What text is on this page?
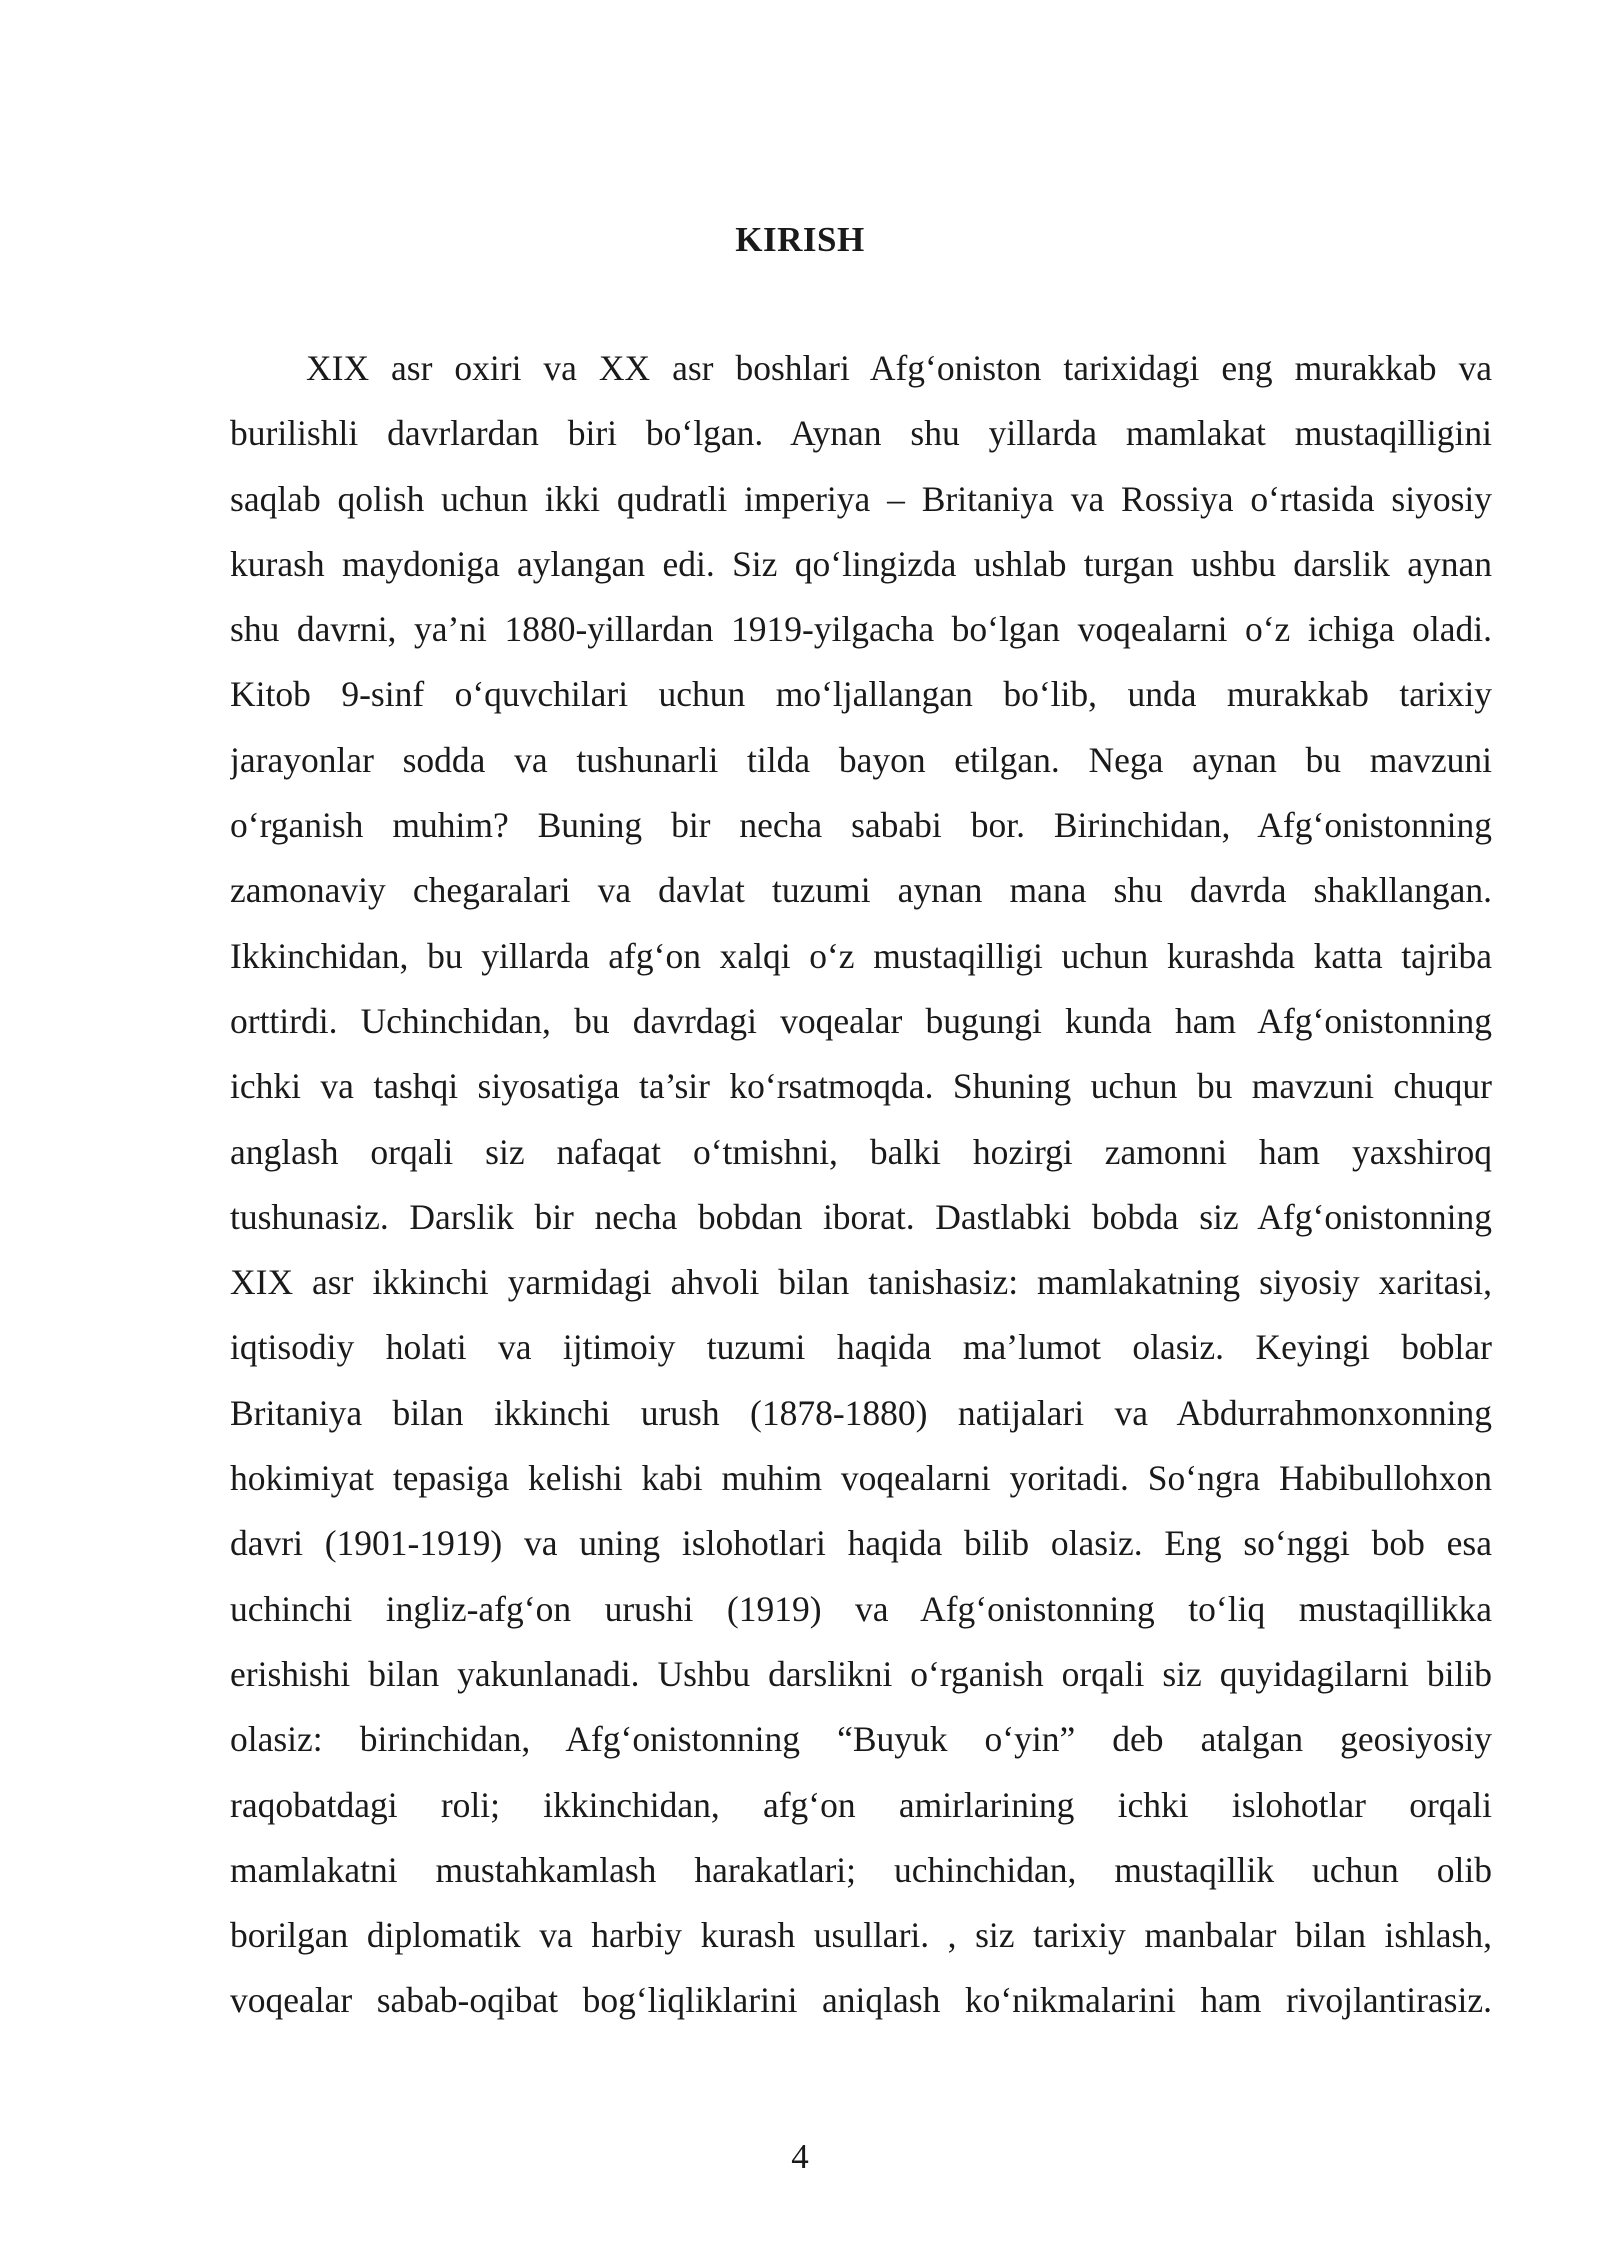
KIRISH
XIX asr oxiri va XX asr boshlari Afg‘oniston tarixidagi eng murakkab va
burilishli davrlardan biri bo‘lgan. Aynan shu yillarda mamlakat mustaqilligini
saqlab qolish uchun ikki qudratli imperiya – Britaniya va Rossiya o‘rtasida siyosiy
kurash maydoniga aylangan edi. Siz qo‘lingizda ushlab turgan ushbu darslik aynan
shu davrni, ya’ni 1880-yillardan 1919-yilgacha bo‘lgan voqealarni o‘z ichiga oladi.
Kitob 9-sinf o‘quvchilari uchun mo‘ljallangan bo‘lib, unda murakkab tarixiy
jarayonlar sodda va tushunarli tilda bayon etilgan. Nega aynan bu mavzuni
o‘rganish muhim? Buning bir necha sababi bor. Birinchidan, Afg‘onistonning
zamonaviy chegaralari va davlat tuzumi aynan mana shu davrda shakllangan.
Ikkinchidan, bu yillarda afg‘on xalqi o‘z mustaqilligi uchun kurashda katta tajriba
orttirdi. Uchinchidan, bu davrdagi voqealar bugungi kunda ham Afg‘onistonning
ichki va tashqi siyosatiga ta’sir ko‘rsatmoqda. Shuning uchun bu mavzuni chuqur
anglash orqali siz nafaqat o‘tmishni, balki hozirgi zamonni ham yaxshiroq
tushunasiz. Darslik bir necha bobdan iborat. Dastlabki bobda siz Afg‘onistonning
XIX asr ikkinchi yarmidagi ahvoli bilan tanishasiz: mamlakatning siyosiy xaritasi,
iqtisodiy holati va ijtimoiy tuzumi haqida ma’lumot olasiz. Keyingi boblar
Britaniya bilan ikkinchi urush (1878-1880) natijalari va Abdurrahmonxonning
hokimiyat tepasiga kelishi kabi muhim voqealarni yoritadi. So‘ngra Habibullohxon
davri (1901-1919) va uning islohotlari haqida bilib olasiz. Eng so‘nggi bob esa
uchinchi ingliz-afg‘on urushi (1919) va Afg‘onistonning to‘liq mustaqillikka
erishishi bilan yakunlanadi. Ushbu darslikni o‘rganish orqali siz quyidagilarni bilib
olasiz: birinchidan, Afg‘onistonning “Buyuk o‘yin” deb atalgan geosiyosiy
raqobatdagi roli; ikkinchidan, afg‘on amirlarining ichki islohotlar orqali
mamlakatni mustahkamlash harakatlari; uchinchidan, mustaqillik uchun olib
borilgan diplomatik va harbiy kurash usullari. , siz tarixiy manbalar bilan ishlash,
voqealar sabab-oqibat bog‘liqliklarini aniqlash ko‘nikmalarini ham rivojlantirasiz.
4
